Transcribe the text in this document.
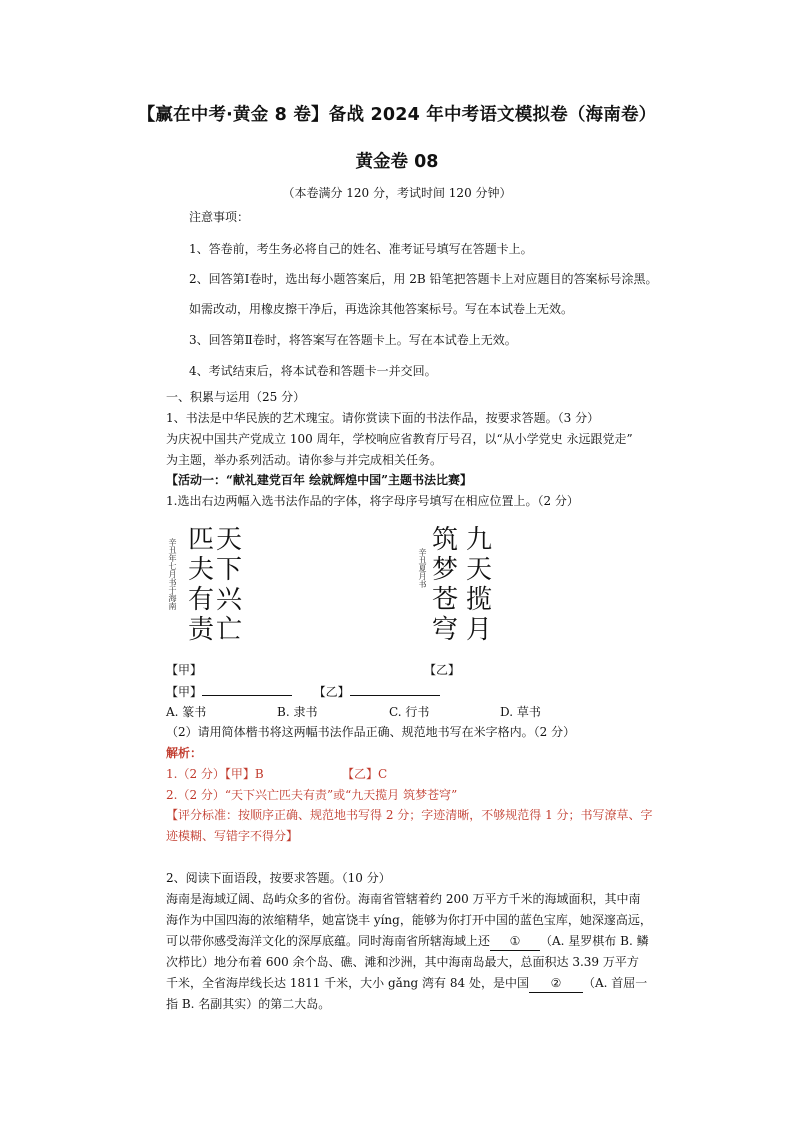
【赢在中考·黄金 8 卷】备战 2024 年中考语文模拟卷（海南卷）
黄金卷 08
（本卷满分 120 分，考试时间 120 分钟）
注意事项：
1、答卷前，考生务必将自己的姓名、准考证号填写在答题卡上。
2、回答第Ⅰ卷时，选出每小题答案后，用 2B 铅笔把答题卡上对应题目的答案标号涂黑。
如需改动，用橡皮擦干净后，再选涂其他答案标号。写在本试卷上无效。
3、回答第Ⅱ卷时，将答案写在答题卡上。写在本试卷上无效。
4、考试结束后，将本试卷和答题卡一并交回。
一、积累与运用（25 分）
1、书法是中华民族的艺术瑰宝。请你赏读下面的书法作品，按要求答题。（3 分）
为庆祝中国共产党成立 100 周年，学校响应省教育厅号召，以“从小学党史 永远跟党走”
为主题，举办系列活动。请你参与并完成相关任务。
【活动一：“献礼建党百年 绘就辉煌中国”主题书法比赛】
1.选出右边两幅入选书法作品的字体，将字母序号填写在相应位置上。（2 分）
辛丑年七月书于海南 匹
夫
有
责
天
下
兴
亡
辛丑夏月书
筑
梦
苍
穹
九
天
揽
月
【甲】	【乙】
【甲】	【乙】
A. 篆书	B. 隶书	C. 行书	D. 草书
（2）请用简体楷书将这两幅书法作品正确、规范地书写在米字格内。（2 分）
解析：
1.（2 分）【甲】B	【乙】C
2.（2 分）“天下兴亡匹夫有责”或“九天揽月 筑梦苍穹”
【评分标准：按顺序正确、规范地书写得 2 分；字迹清晰，不够规范得 1 分；书写潦草、字
迹模糊、写错字不得分】
2、阅读下面语段，按要求答题。（10 分）
海南是海域辽阔、岛屿众多的省份。海南省管辖着约 200 万平方千米的海域面积，其中南
海作为中国四海的浓缩精华，她富饶丰 yíng，能够为你打开中国的蓝色宝库，她深邃高远，
可以带你感受海洋文化的深厚底蕴。同时海南省所辖海域上还 ① （A. 星罗棋布 B. 鳞
次栉比）地分布着 600 余个岛、礁、滩和沙洲，其中海南岛最大，总面积达 3.39 万平方
千米，全省海岸线长达 1811 千米，大小 gǎng 湾有 84 处，是中国 ② （A. 首屈一
指 B. 名副其实）的第二大岛。
